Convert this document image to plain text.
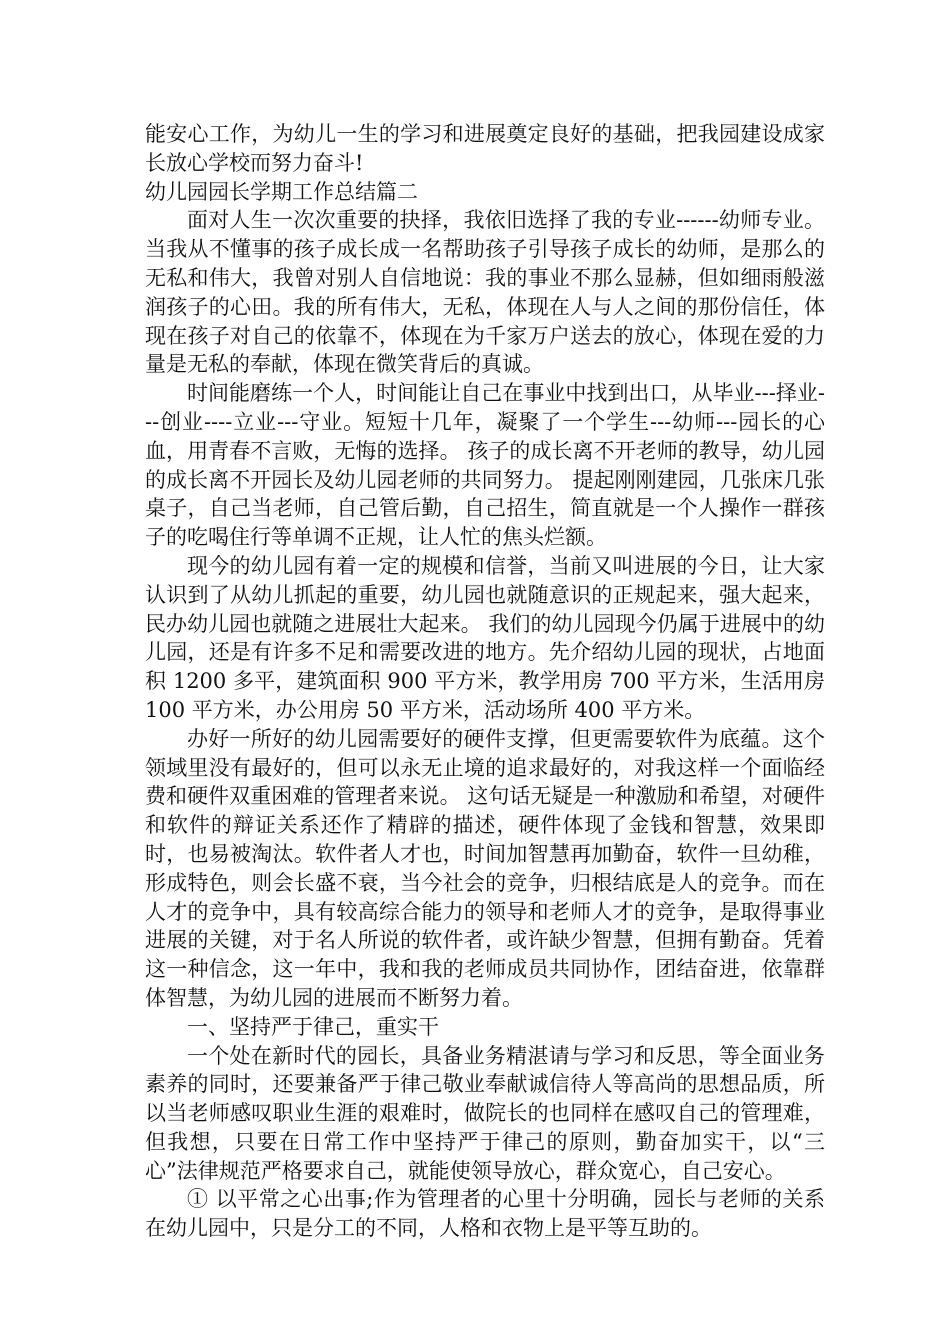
能安心工作，为幼儿一生的学习和进展奠定良好的基础，把我园建设成家长放心学校而努力奋斗!

幼儿园园长学期工作总结篇二

面对人生一次次重要的抉择，我依旧选择了我的专业------幼师专业。当我从不懂事的孩子成长成一名帮助孩子引导孩子成长的幼师，是那么的无私和伟大，我曾对别人自信地说：我的事业不那么显赫，但如细雨般滋润孩子的心田。我的所有伟大，无私，体现在人与人之间的那份信任，体现在孩子对自己的依靠不，体现在为千家万户送去的放心，体现在爱的力量是无私的奉献，体现在微笑背后的真诚。

时间能磨练一个人，时间能让自己在事业中找到出口，从毕业---择业---创业----立业---守业。短短十几年，凝聚了一个学生---幼师---园长的心血，用青春不言败，无悔的选择。 孩子的成长离不开老师的教导，幼儿园的成长离不开园长及幼儿园老师的共同努力。 提起刚刚建园，几张床几张桌子，自己当老师，自己管后勤，自己招生，简直就是一个人操作一群孩子的吃喝住行等单调不正规，让人忙的焦头烂额。

现今的幼儿园有着一定的规模和信誉，当前又叫进展的今日，让大家认识到了从幼儿抓起的重要，幼儿园也就随意识的正规起来，强大起来，民办幼儿园也就随之进展壮大起来。 我们的幼儿园现今仍属于进展中的幼儿园，还是有许多不足和需要改进的地方。先介绍幼儿园的现状，占地面积 1200 多平，建筑面积 900 平方米，教学用房 700 平方米，生活用房 100 平方米，办公用房 50 平方米，活动场所 400 平方米。

办好一所好的幼儿园需要好的硬件支撑，但更需要软件为底蕴。这个领域里没有最好的，但可以永无止境的追求最好的，对我这样一个面临经费和硬件双重困难的管理者来说。 这句话无疑是一种激励和希望，对硬件和软件的辩证关系还作了精辟的描述，硬件体现了金钱和智慧，效果即时，也易被淘汰。软件者人才也，时间加智慧再加勤奋，软件一旦幼稚，形成特色，则会长盛不衰，当今社会的竞争，归根结底是人的竞争。而在人才的竞争中，具有较高综合能力的领导和老师人才的竞争，是取得事业进展的关键，对于名人所说的软件者，或许缺少智慧，但拥有勤奋。凭着这一种信念，这一年中，我和我的老师成员共同协作，团结奋进，依靠群体智慧，为幼儿园的进展而不断努力着。

一、坚持严于律己，重实干

一个处在新时代的园长，具备业务精湛请与学习和反思，等全面业务素养的同时，还要兼备严于律己敬业奉献诚信待人等高尚的思想品质，所以当老师感叹职业生涯的艰难时，做院长的也同样在感叹自己的管理难，但我想，只要在日常工作中坚持严于律己的原则，勤奋加实干，以“三心”法律规范严格要求自己，就能使领导放心，群众宽心，自己安心。

① 以平常之心出事;作为管理者的心里十分明确，园长与老师的关系在幼儿园中，只是分工的不同，人格和衣物上是平等互助的。
